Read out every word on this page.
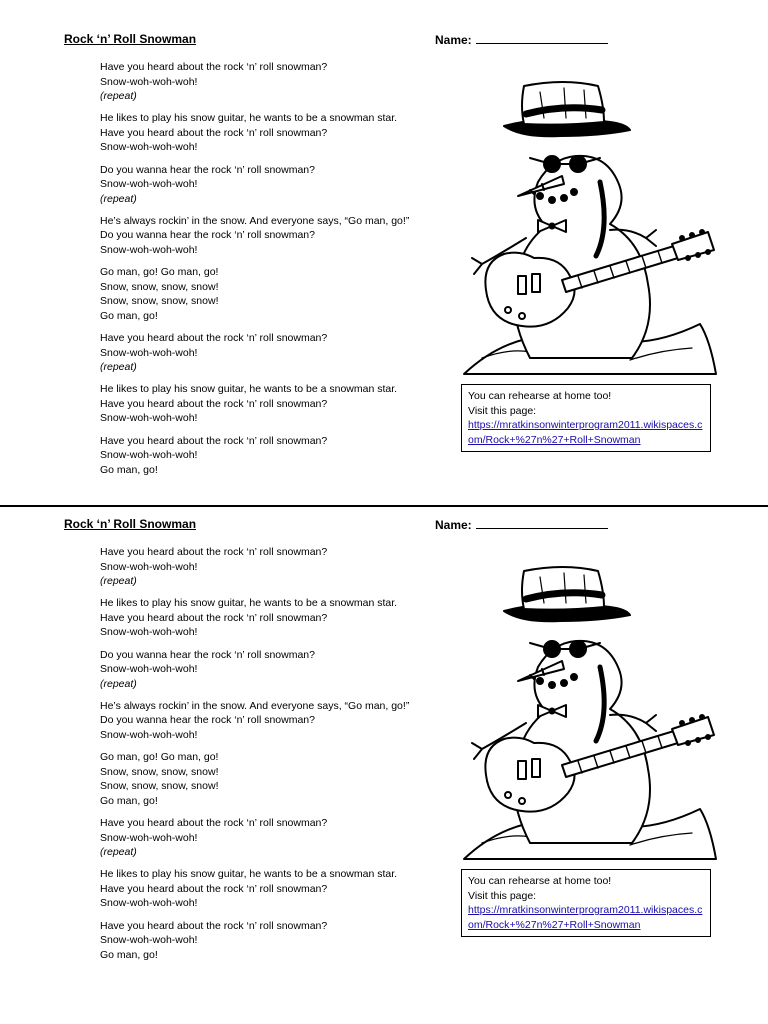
Rock ‘n’ Roll Snowman	Name:

Have you heard about the rock ‘n’ roll snowman?
Snow-woh-woh-woh!
(repeat)

He likes to play his snow guitar, he wants to be a snowman star.
Have you heard about the rock ‘n’ roll snowman?
Snow-woh-woh-woh!

Do you wanna hear the rock ‘n’ roll snowman?
Snow-woh-woh-woh!
(repeat)

He’s always rockin’ in the snow. And everyone says, “Go man, go!”
Do you wanna hear the rock ‘n’ roll snowman?
Snow-woh-woh-woh!

Go man, go! Go man, go!
Snow, snow, snow, snow!
Snow, snow, snow, snow!
Go man, go!

Have you heard about the rock ‘n’ roll snowman?
Snow-woh-woh-woh!
(repeat)

He likes to play his snow guitar, he wants to be a snowman star.
Have you heard about the rock ‘n’ roll snowman?
Snow-woh-woh-woh!

Have you heard about the rock ‘n’ roll snowman?
Snow-woh-woh-woh!
Go man, go!

You can rehearse at home too!
Visit this page:
https://mratkinsonwinterprogram2011.wikispaces.com/Rock+%27n%27+Roll+Snowman
Rock ‘n’ Roll Snowman	Name:

Have you heard about the rock ‘n’ roll snowman?
Snow-woh-woh-woh!
(repeat)

He likes to play his snow guitar, he wants to be a snowman star.
Have you heard about the rock ‘n’ roll snowman?
Snow-woh-woh-woh!

Do you wanna hear the rock ‘n’ roll snowman?
Snow-woh-woh-woh!
(repeat)

He’s always rockin’ in the snow. And everyone says, “Go man, go!”
Do you wanna hear the rock ‘n’ roll snowman?
Snow-woh-woh-woh!

Go man, go! Go man, go!
Snow, snow, snow, snow!
Snow, snow, snow, snow!
Go man, go!

Have you heard about the rock ‘n’ roll snowman?
Snow-woh-woh-woh!
(repeat)

He likes to play his snow guitar, he wants to be a snowman star.
Have you heard about the rock ‘n’ roll snowman?
Snow-woh-woh-woh!

Have you heard about the rock ‘n’ roll snowman?
Snow-woh-woh-woh!
Go man, go!

You can rehearse at home too!
Visit this page:
https://mratkinsonwinterprogram2011.wikispaces.com/Rock+%27n%27+Roll+Snowman
